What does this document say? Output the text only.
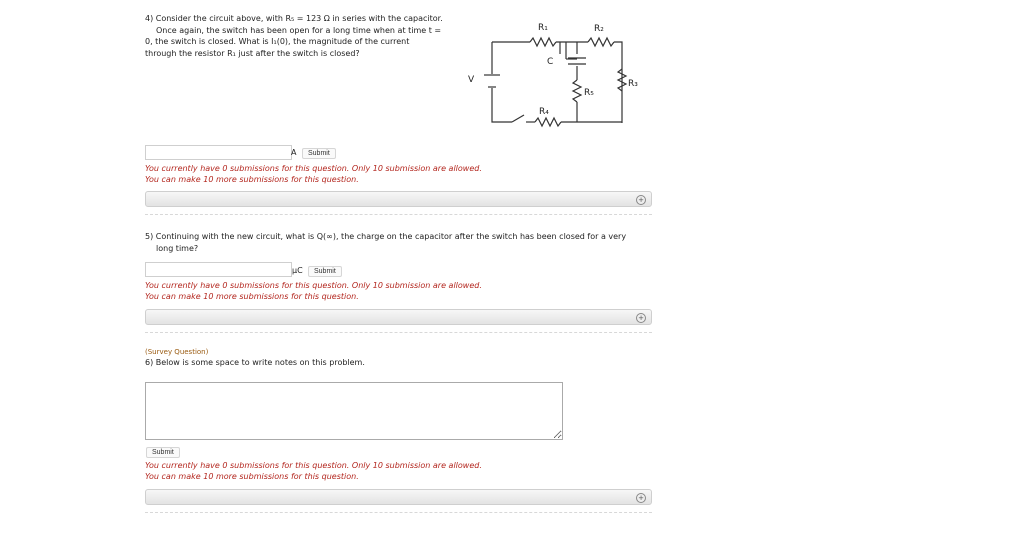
4) Consider the circuit above, with R₅ = 123 Ω in series with the capacitor.
Once again, the switch has been open for a long time when at time t =
0, the switch is closed. What is I₁(0), the magnitude of the current
through the resistor R₁ just after the switch is closed?
R₁	R₂
R₃
R₄
R₅
C
V
A	Submit
You currently have 0 submissions for this question. Only 10 submission are allowed.
You can make 10 more submissions for this question.
+
5) Continuing with the new circuit, what is Q(∞), the charge on the capacitor after the switch has been closed for a very
long time?
μC	Submit
You currently have 0 submissions for this question. Only 10 submission are allowed.
You can make 10 more submissions for this question.
+
(Survey Question)
6) Below is some space to write notes on this problem.
Submit
You currently have 0 submissions for this question. Only 10 submission are allowed.
You can make 10 more submissions for this question.
+
